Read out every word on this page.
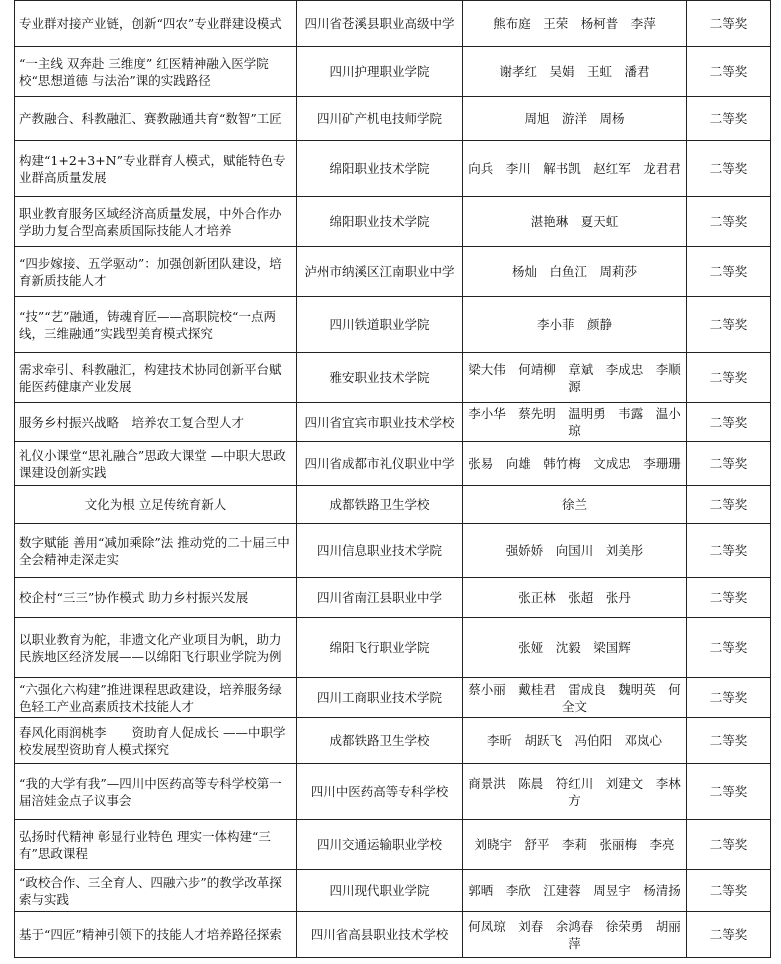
专业群对接产业链，创新“四农”专业群建设模式	四川省苍溪县职业高级中学	熊布庭　王荣　杨柯普　李萍	二等奖
“一主线 双奔赴 三维度” 红医精神融入医学院校“思想道德 与法治”课的实践路径	四川护理职业学院	谢孝红　吴娟　王虹　潘君	二等奖
产教融合、科教融汇、赛教融通共育“数智”工匠	四川矿产机电技师学院	周旭　游洋　周杨	二等奖
构建“1+2+3+N”专业群育人模式，赋能特色专业群高质量发展	绵阳职业技术学院	向兵　李川　解书凯　赵红军　龙君君	二等奖
职业教育服务区域经济高质量发展，中外合作办学助力复合型高素质国际技能人才培养	绵阳职业技术学院	湛艳琳　夏天虹	二等奖
“四步嫁接、五学驱动”：加强创新团队建设，培育新质技能人才	泸州市纳溪区江南职业中学	杨灿　白鱼江　周莉莎	二等奖
“技”“艺”融通，铸魂育匠——高职院校“一点两线，三维融通”实践型美育模式探究	四川铁道职业学院	李小菲　颜静	二等奖
需求牵引、科教融汇，构建技术协同创新平台赋能医药健康产业发展	雅安职业技术学院	梁大伟　何靖柳　章斌　李成忠　李顺源	二等奖
服务乡村振兴战略　培养农工复合型人才	四川省宜宾市职业技术学校	李小华　蔡先明　温明勇　韦露　温小琼	二等奖
礼仪小课堂“思礼融合”思政大课堂 —中职大思政课建设创新实践	四川省成都市礼仪职业中学	张易　向雄　韩竹梅　文成忠　李珊珊	二等奖
文化为根 立足传统育新人	成都铁路卫生学校	徐兰	二等奖
数字赋能 善用“减加乘除”法 推动党的二十届三中全会精神走深走实	四川信息职业技术学院	强娇娇　向国川　刘美彤	二等奖
校企村“三三”协作模式 助力乡村振兴发展	四川省南江县职业中学	张正林　张超　张丹	二等奖
以职业教育为舵，非遗文化产业项目为帆，助力民族地区经济发展——以绵阳飞行职业学院为例	绵阳飞行职业学院	张娅　沈毅　梁国辉	二等奖
“六强化六构建”推进课程思政建设，培养服务绿色轻工产业高素质技术技能人才	四川工商职业技术学院	蔡小丽　戴桂君　雷成良　魏明英　何全文	二等奖
春风化雨润桃李　　资助育人促成长 ——中职学校发展型资助育人模式探究	成都铁路卫生学校	李昕　胡跃飞　冯伯阳　邓岚心	二等奖
“我的大学有我”—四川中医药高等专科学校第一届涪娃金点子议事会	四川中医药高等专科学校	商景洪　陈晨　符红川　刘建文　李林方	二等奖
弘扬时代精神 彰显行业特色 理实一体构建“三有”思政课程	四川交通运输职业学校	刘晓宇　舒平　李莉　张丽梅　李亮	二等奖
“政校合作、三全育人、四融六步”的教学改革探索与实践	四川现代职业学院	郭晒　李欣　江建蓉　周昱宇　杨清扬	二等奖
基于“四匠”精神引领下的技能人才培养路径探索	四川省高县职业技术学校	何凤琼　刘春　余鸿春　徐荣勇　胡丽萍	二等奖
